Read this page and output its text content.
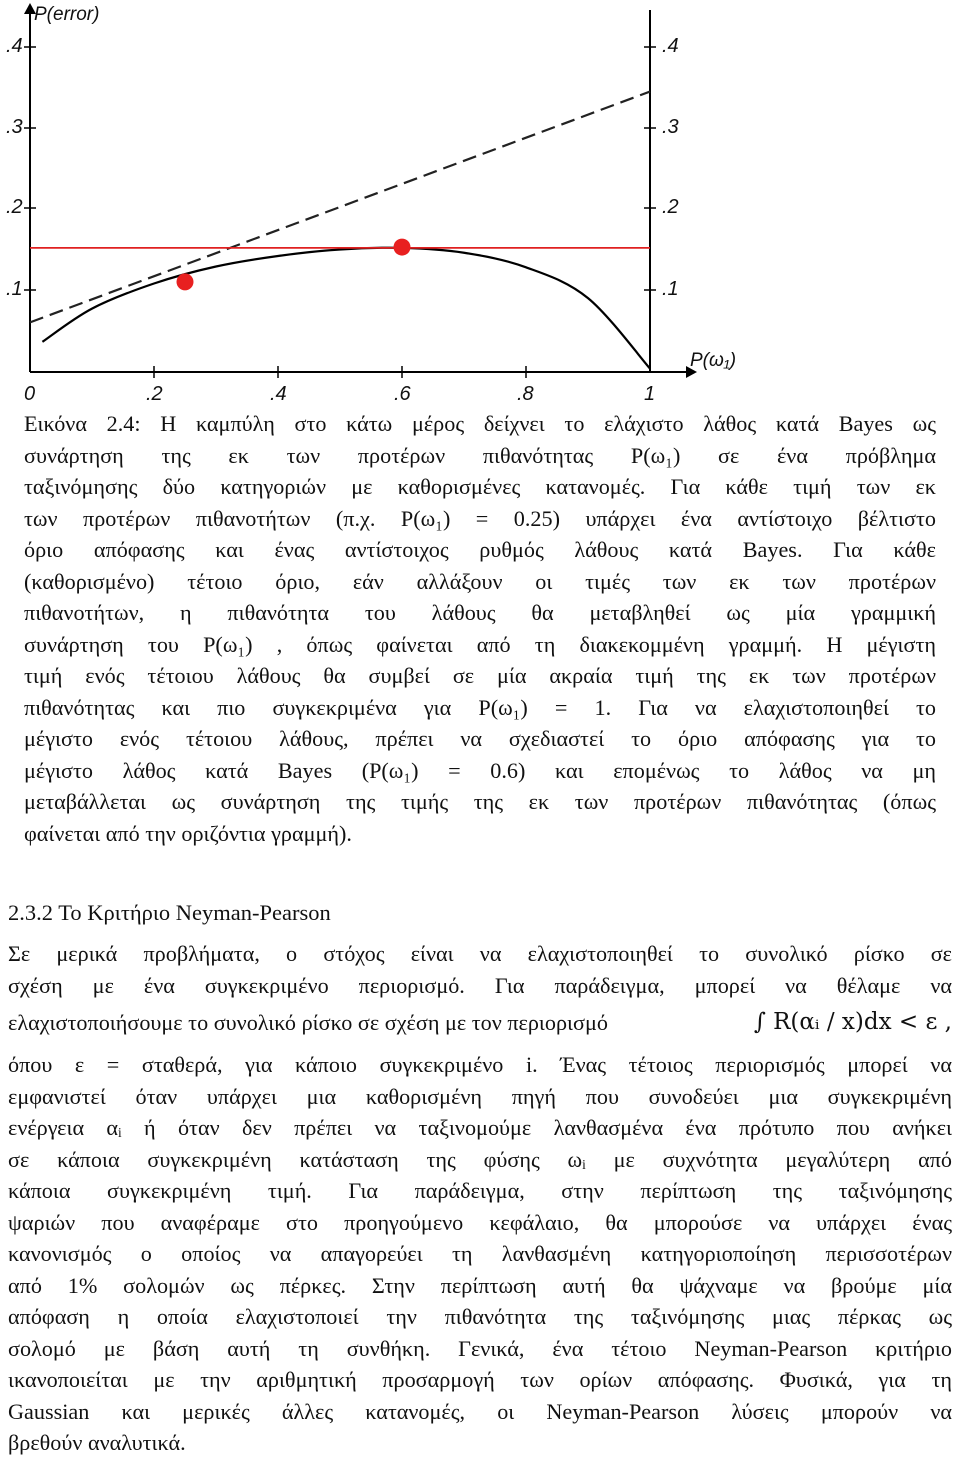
P(error)
P(ω₁)
0	.2	.4	.6	.8	1
.4
.3
.2
.1
.4
.3
.2
.1
Εικόνα 2.4: Η καμπύλη στο κάτω μέρος δείχνει το ελάχιστο λάθος κατά Bayes ως
συνάρτηση της εκ των προτέρων πιθανότητας P(ω₁) σε ένα πρόβλημα
ταξινόμησης δύο κατηγοριών με καθορισμένες κατανομές. Για κάθε τιμή των εκ
των προτέρων πιθανοτήτων (π.χ. P(ω₁) = 0.25) υπάρχει ένα αντίστοιχο βέλτιστο
όριο απόφασης και ένας αντίστοιχος ρυθμός λάθους κατά Bayes. Για κάθε
(καθορισμένο) τέτοιο όριο, εάν αλλάξουν οι τιμές των εκ των προτέρων
πιθανοτήτων, η πιθανότητα του λάθους θα μεταβληθεί ως μία γραμμική
συνάρτηση του P(ω₁) , όπως φαίνεται από τη διακεκομμένη γραμμή. Η μέγιστη
τιμή ενός τέτοιου λάθους θα συμβεί σε μία ακραία τιμή της εκ των προτέρων
πιθανότητας και πιο συγκεκριμένα για P(ω₁) = 1. Για να ελαχιστοποιηθεί το
μέγιστο ενός τέτοιου λάθους, πρέπει να σχεδιαστεί το όριο απόφασης για το
μέγιστο λάθος κατά Bayes (P(ω₁) = 0.6) και επομένως το λάθος να μη
μεταβάλλεται ως συνάρτηση της τιμής της εκ των προτέρων πιθανότητας (όπως
φαίνεται από την οριζόντια γραμμή).
2.3.2 Το Κριτήριο Neyman-Pearson
Σε μερικά προβλήματα, ο στόχος είναι να ελαχιστοποιηθεί το συνολικό ρίσκο σε
σχέση με ένα συγκεκριμένο περιορισμό. Για παράδειγμα, μπορεί να θέλαμε να
ελαχιστοποιήσουμε το συνολικό ρίσκο σε σχέση με τον περιορισμό	∫ R(αᵢ / x)dx < ε ,
όπου ε = σταθερά, για κάποιο συγκεκριμένο i. Ένας τέτοιος περιορισμός μπορεί να
εμφανιστεί όταν υπάρχει μια καθορισμένη πηγή που συνοδεύει μια συγκεκριμένη
ενέργεια αᵢ ή όταν δεν πρέπει να ταξινομούμε λανθασμένα ένα πρότυπο που ανήκει
σε κάποια συγκεκριμένη κατάσταση της φύσης ωᵢ με συχνότητα μεγαλύτερη από
κάποια συγκεκριμένη τιμή. Για παράδειγμα, στην περίπτωση της ταξινόμησης
ψαριών που αναφέραμε στο προηγούμενο κεφάλαιο, θα μπορούσε να υπάρχει ένας
κανονισμός ο οποίος να απαγορεύει τη λανθασμένη κατηγοριοποίηση περισσοτέρων
από 1% σολομών ως πέρκες. Στην περίπτωση αυτή θα ψάχναμε να βρούμε μία
απόφαση η οποία ελαχιστοποιεί την πιθανότητα της ταξινόμησης μιας πέρκας ως
σολομό με βάση αυτή τη συνθήκη. Γενικά, ένα τέτοιο Neyman-Pearson κριτήριο
ικανοποιείται με την αριθμητική προσαρμογή των ορίων απόφασης. Φυσικά, για τη
Gaussian και μερικές άλλες κατανομές, οι Neyman-Pearson λύσεις μπορούν να
βρεθούν αναλυτικά.
